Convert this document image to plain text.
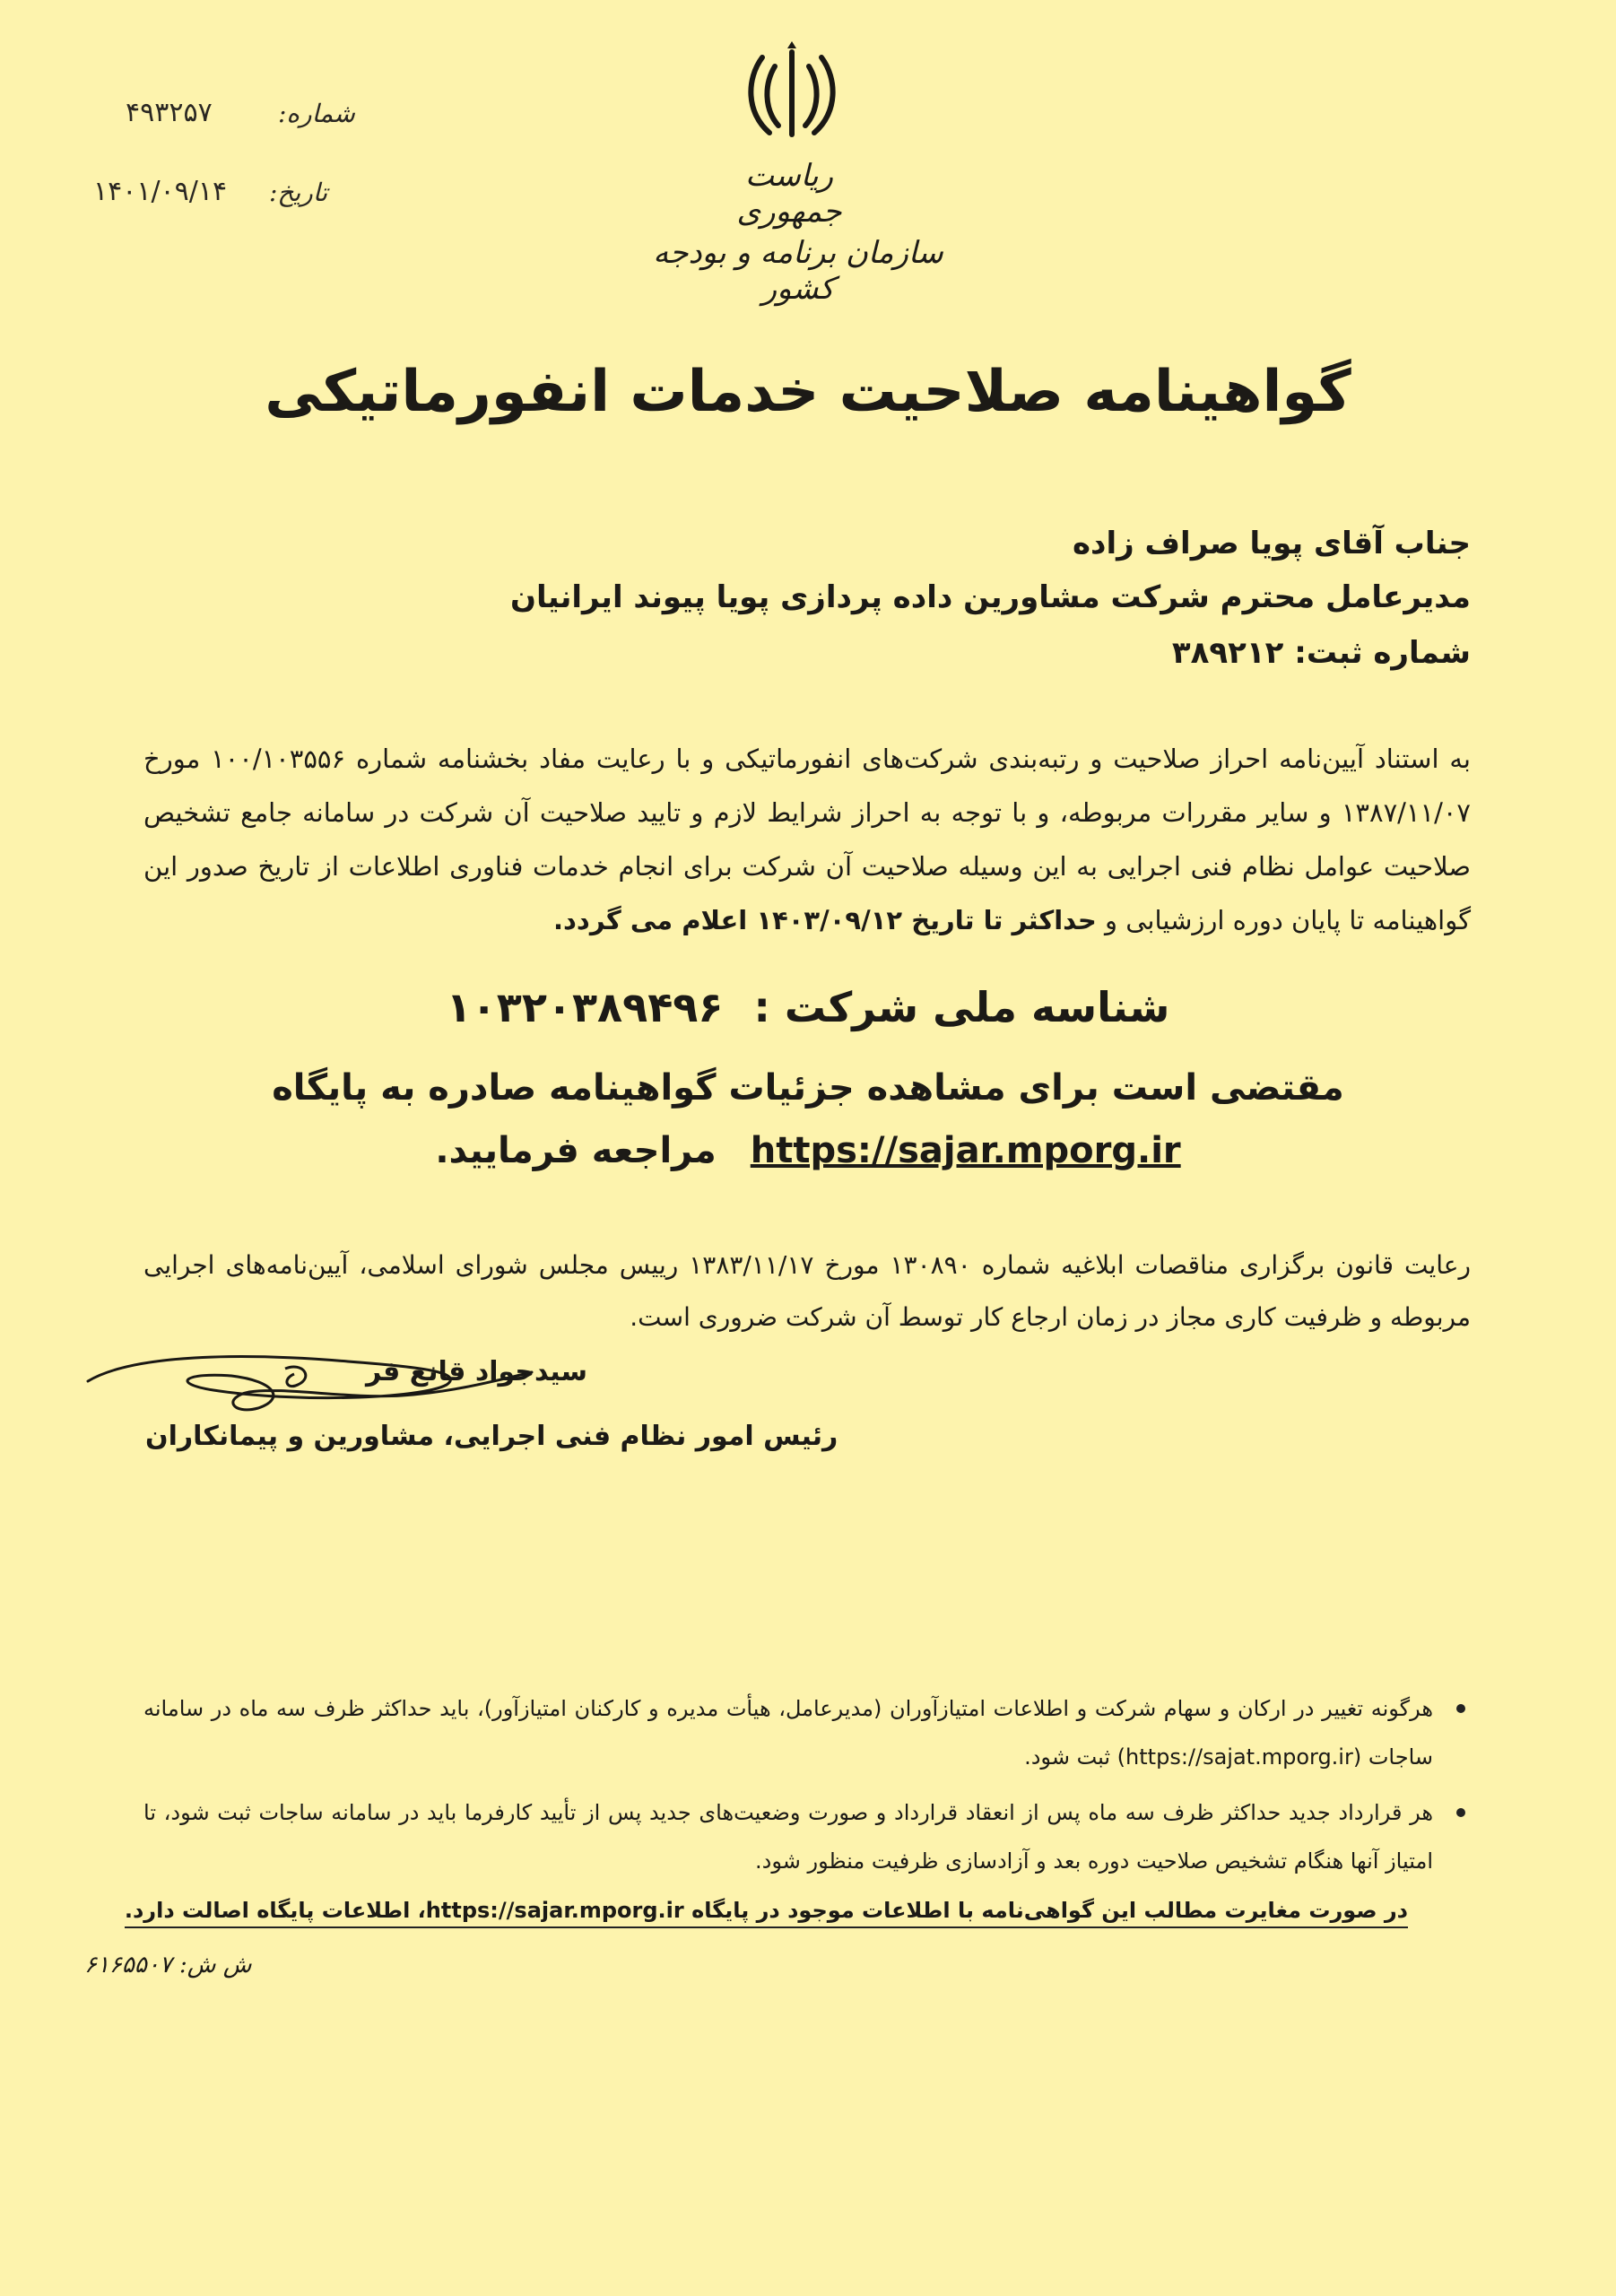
۴۹۳۲۵۷	شماره:
۱۴۰۱/۰۹/۱۴ تاریخ:	ریاست جمهوری
سازمان برنامه و بودجه کشور
گواهینامه صلاحیت خدمات انفورماتیکی
جناب آقای پویا صراف زاده
مدیرعامل محترم شرکت مشاورین داده پردازی پویا پیوند ایرانیان
شماره ثبت: ۳۸۹۲۱۲
به استناد آیین‌نامه احراز صلاحیت و رتبه‌بندی شرکت‌های انفورماتیکی و با رعایت مفاد بخشنامه شماره ۱۰۰/۱۰۳۵۵۶ مورخ ۱۳۸۷/۱۱/۰۷ و سایر مقررات مربوطه، و با توجه به احراز شرایط لازم و تایید صلاحیت آن شرکت در سامانه جامع تشخیص صلاحیت عوامل نظام فنی اجرایی به این وسیله صلاحیت آن شرکت برای انجام خدمات فناوری اطلاعات از تاریخ صدور این گواهینامه تا پایان دوره ارزشیابی و حداکثر تا تاریخ ۱۴۰۳/۰۹/۱۲ اعلام می گردد.
شناسه ملی شرکت : ۱۰۳۲۰۳۸۹۴۹۶
مقتضی است برای مشاهده جزئیات گواهینامه صادره به پایگاه
https://sajar.mporg.ir مراجعه فرمایید.
رعایت قانون برگزاری مناقصات ابلاغیه شماره ۱۳۰۸۹۰ مورخ ۱۳۸۳/۱۱/۱۷ رییس مجلس شورای اسلامی، آیین‌نامه‌های اجرایی مربوطه و ظرفیت کاری مجاز در زمان ارجاع کار توسط آن شرکت ضروری است.
سیدجواد قانع فر
رئیس امور نظام فنی اجرایی، مشاورین و پیمانکاران
هرگونه تغییر در ارکان و سهام شرکت و اطلاعات امتیازآوران (مدیرعامل، هیأت مدیره و کارکنان امتیازآور)، باید حداکثر ظرف سه ماه در سامانه ساجات (https://sajat.mporg.ir) ثبت شود.
هر قرارداد جدید حداکثر ظرف سه ماه پس از انعقاد قرارداد و صورت وضعیت‌های جدید پس از تأیید کارفرما باید در سامانه ساجات ثبت شود، تا امتیاز آنها هنگام تشخیص صلاحیت دوره بعد و آزادسازی ظرفیت منظور شود.
در صورت مغایرت مطالب این گواهی‌نامه با اطلاعات موجود در پایگاه https://sajar.mporg.ir، اطلاعات پایگاه اصالت دارد.
ش ش: ۶۱۶۵۵۰۷
